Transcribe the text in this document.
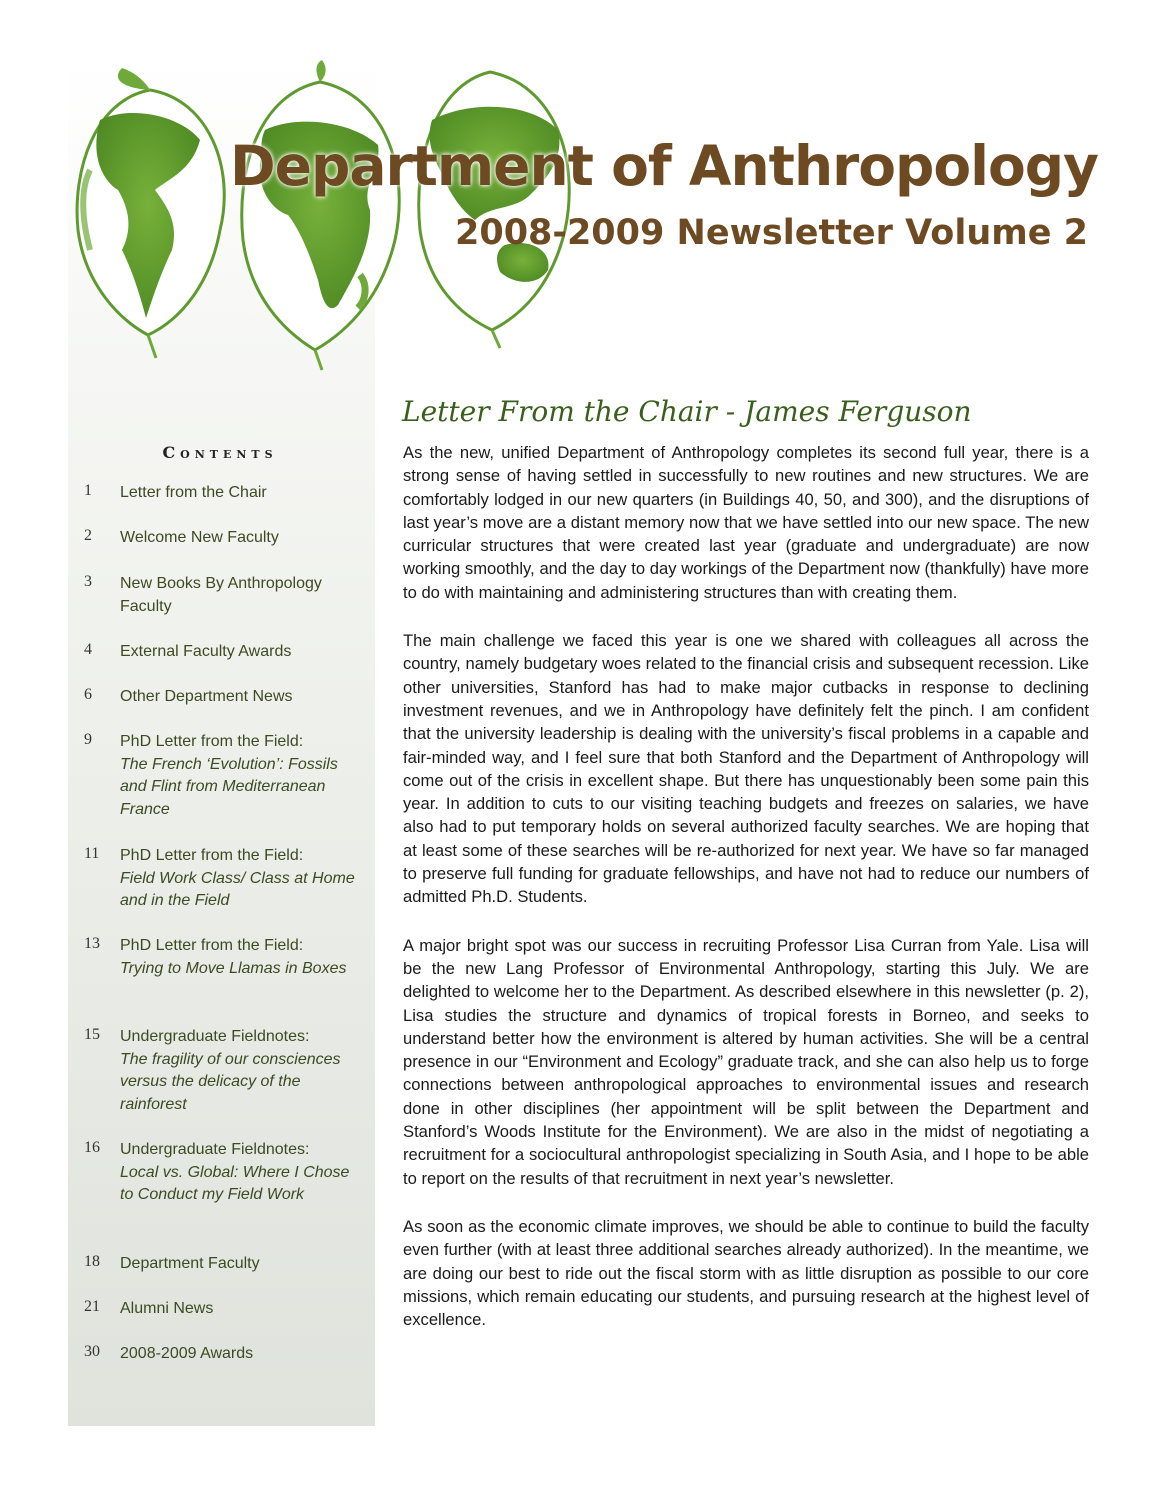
Department of Anthropology
2008-2009 Newsletter Volume 2
Contents
1	Letter from the Chair
2	Welcome New Faculty
3	New Books By Anthropology Faculty
4	External Faculty Awards
6	Other Department News
9	PhD Letter from the Field:
The French ‘Evolution’: Fossils and Flint from Mediterranean France
11	PhD Letter from the Field:
Field Work Class/ Class at Home and in the Field
13	PhD Letter from the Field:
Trying to Move Llamas in Boxes
15	Undergraduate Fieldnotes:
The fragility of our consciences versus the delicacy of the rainforest
16	Undergraduate Fieldnotes:
Local vs. Global: Where I Chose to Conduct my Field Work
18	Department Faculty
21	Alumni News
30	2008-2009 Awards
Letter From the Chair - James Ferguson

As the new, unified Department of Anthropology completes its second full year, there is a strong sense of having settled in successfully to new routines and new structures. We are comfortably lodged in our new quarters (in Buildings 40, 50, and 300), and the disruptions of last year’s move are a distant memory now that we have settled into our new space. The new curricular structures that were created last year (graduate and undergraduate) are now working smoothly, and the day to day workings of the Department now (thankfully) have more to do with maintaining and administering structures than with creating them.

The main challenge we faced this year is one we shared with colleagues all across the country, namely budgetary woes related to the financial crisis and subsequent recession. Like other universities, Stanford has had to make major cutbacks in response to declining investment revenues, and we in Anthropology have definitely felt the pinch. I am confident that the university leadership is dealing with the university’s fiscal problems in a capable and fair-minded way, and I feel sure that both Stanford and the Department of Anthropology will come out of the crisis in excellent shape. But there has unquestionably been some pain this year. In addition to cuts to our visiting teaching budgets and freezes on salaries, we have also had to put temporary holds on several authorized faculty searches. We are hoping that at least some of these searches will be re-authorized for next year. We have so far managed to preserve full funding for graduate fellowships, and have not had to reduce our numbers of admitted Ph.D. Students.

A major bright spot was our success in recruiting Professor Lisa Curran from Yale. Lisa will be the new Lang Professor of Environmental Anthropology, starting this July. We are delighted to welcome her to the Department. As described elsewhere in this newsletter (p. 2), Lisa studies the structure and dynamics of tropical forests in Borneo, and seeks to understand better how the environment is altered by human activities. She will be a central presence in our “Environment and Ecology” graduate track, and she can also help us to forge connections between anthropological approaches to environmental issues and research done in other disciplines (her appointment will be split between the Department and Stanford’s Woods Institute for the Environment). We are also in the midst of negotiating a recruitment for a sociocultural anthropologist specializing in South Asia, and I hope to be able to report on the results of that recruitment in next year’s newsletter.

As soon as the economic climate improves, we should be able to continue to build the faculty even further (with at least three additional searches already authorized). In the meantime, we are doing our best to ride out the fiscal storm with as little disruption as possible to our core missions, which remain educating our students, and pursuing research at the highest level of excellence.
